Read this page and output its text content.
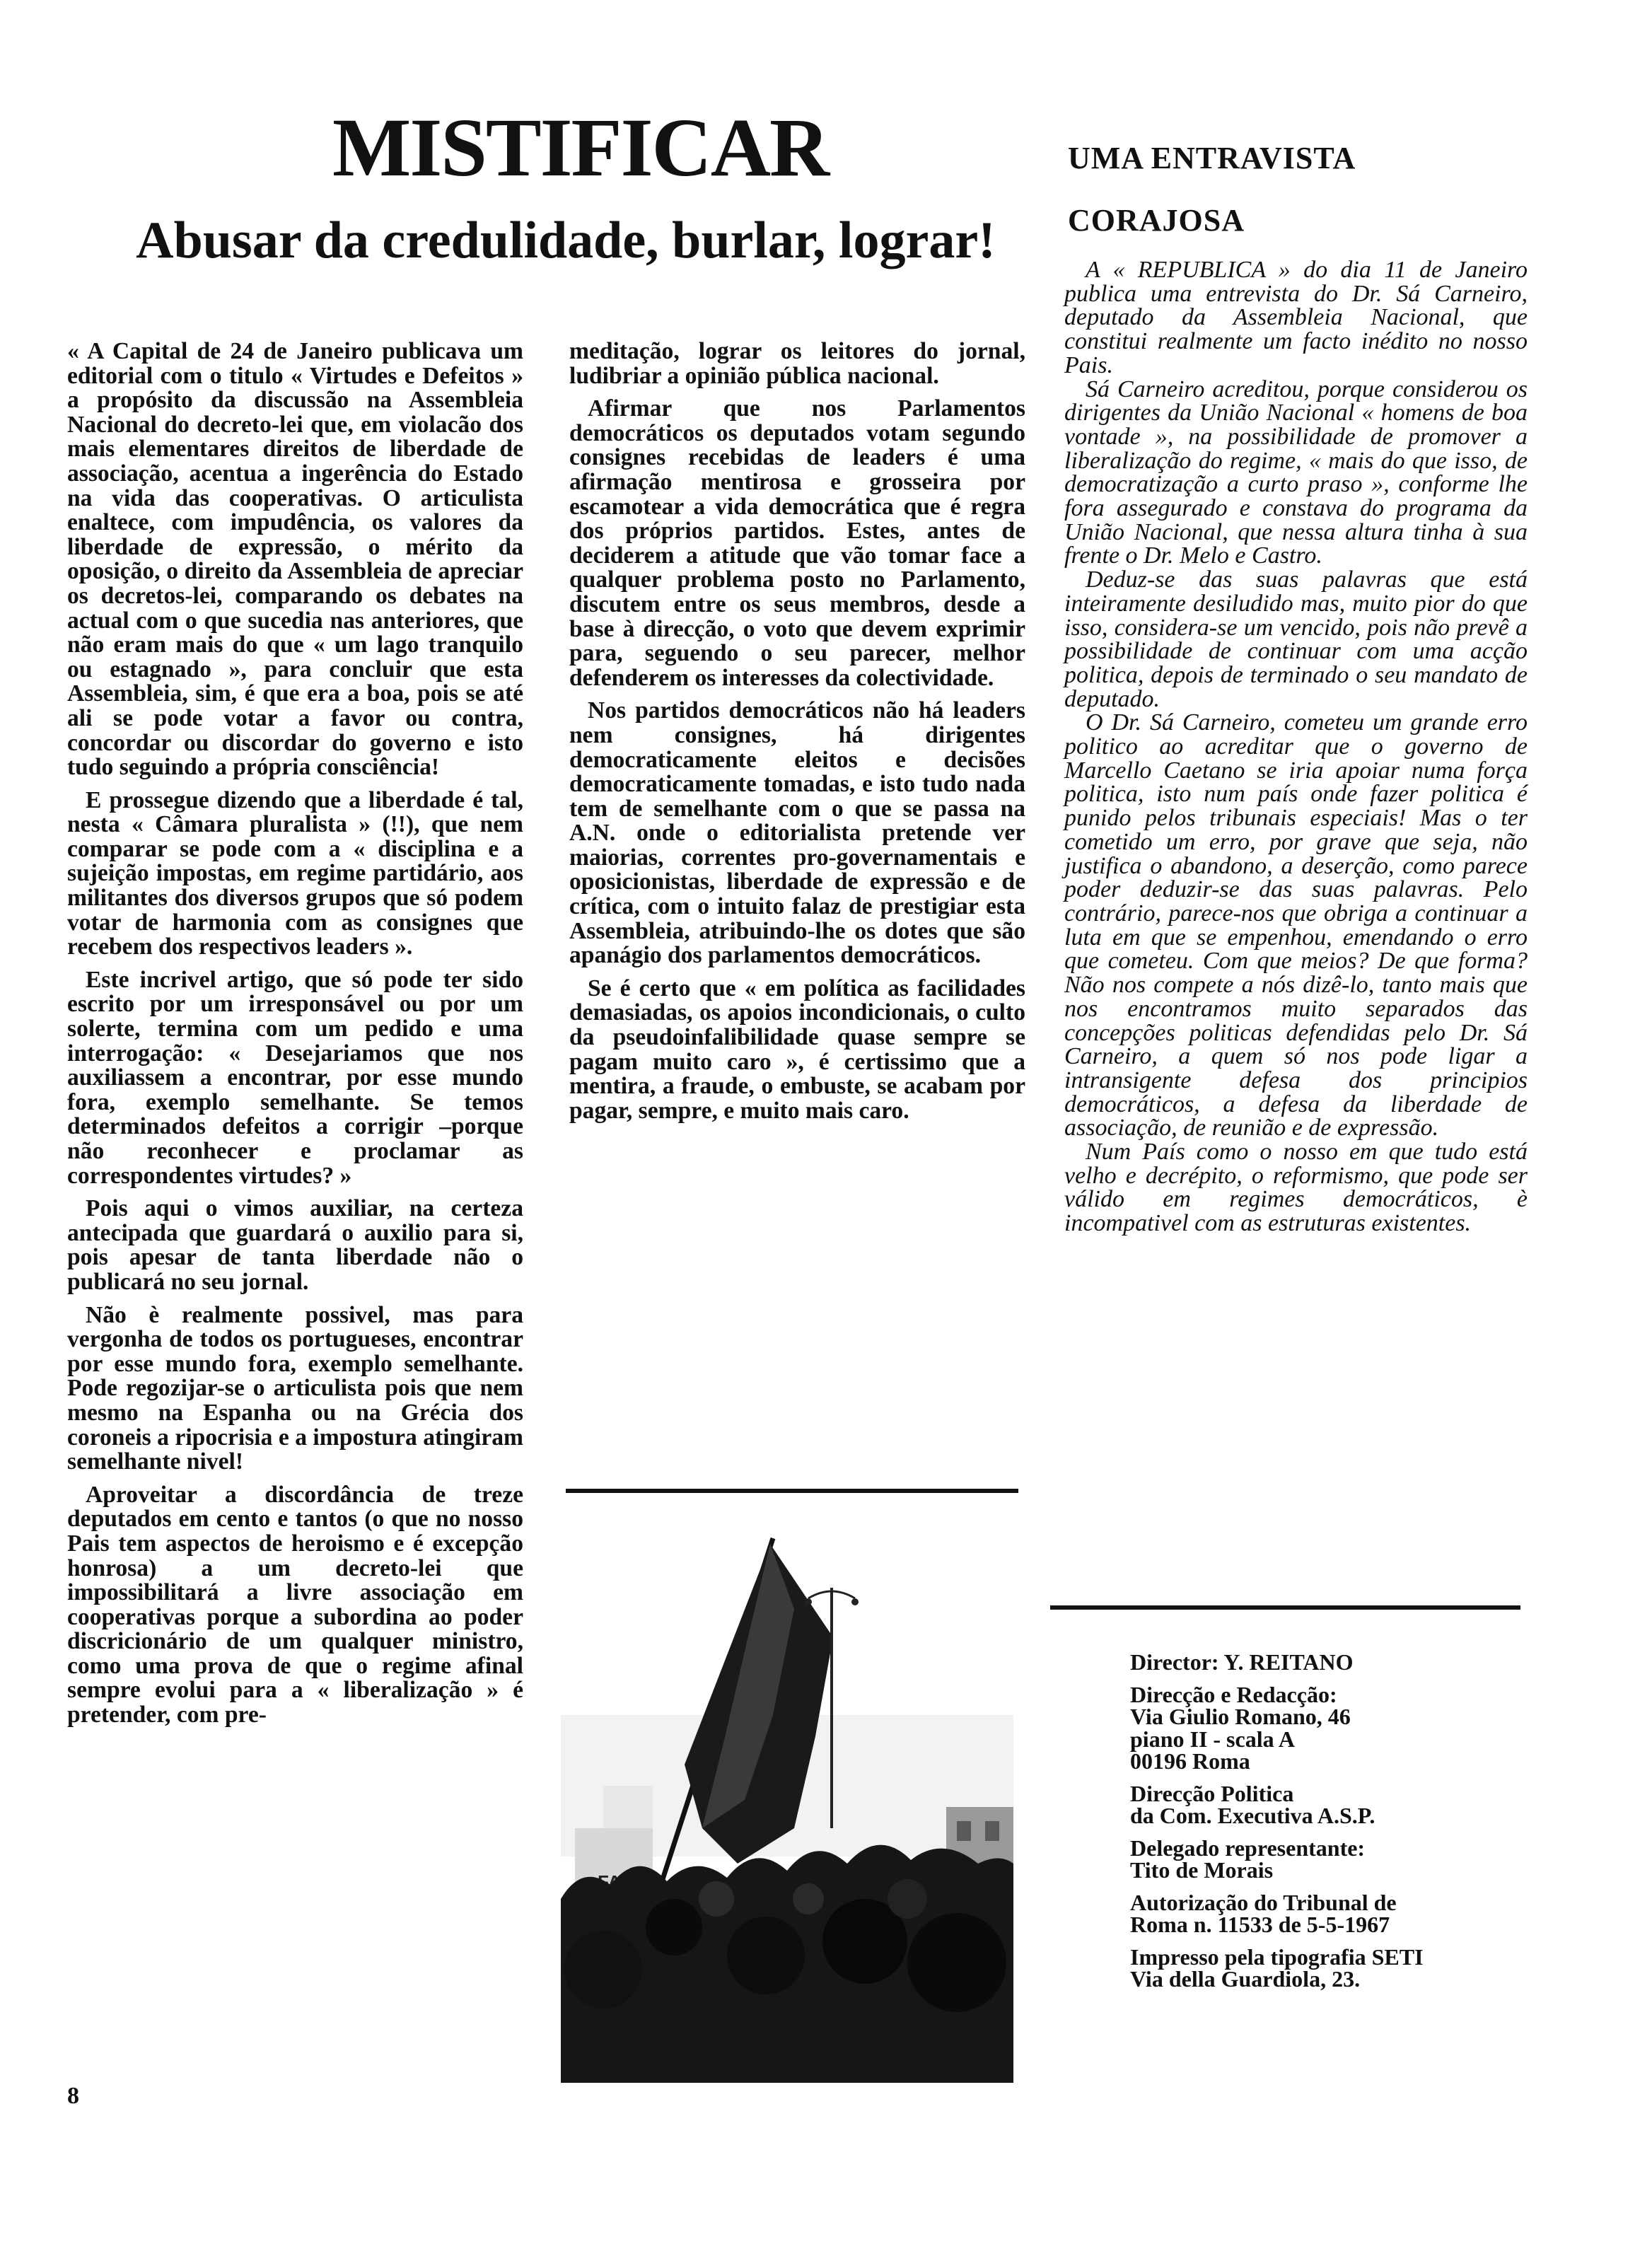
MISTIFICAR
Abusar da credulidade, burlar, lograr!

« A Capital de 24 de Janeiro publicava um editorial com o titulo « Virtudes e Defeitos » a propósito da discussão na Assembleia Nacional do decreto-lei que, em violacão dos mais elementares direitos de liberdade de associação, acentua a ingerência do Estado na vida das cooperativas. O articulista enaltece, com impudência, os valores da liberdade de expressão, o mérito da oposição, o direito da Assembleia de apreciar os decretos-lei, comparando os debates na actual com o que sucedia nas anteriores, que não eram mais do que « um lago tranquilo ou estagnado », para concluir que esta Assembleia, sim, é que era a boa, pois se até ali se pode votar a favor ou contra, concordar ou discordar do governo e isto tudo seguindo a própria consciência!

E prossegue dizendo que a liberdade é tal, nesta « Câmara pluralista » (!!), que nem comparar se pode com a « disciplina e a sujeição impostas, em regime partidário, aos militantes dos diversos grupos que só podem votar de harmonia com as consignes que recebem dos respectivos leaders ».

Este incrivel artigo, que só pode ter sido escrito por um irresponsável ou por um solerte, termina com um pedido e uma interrogação: « Desejariamos que nos auxiliassem a encontrar, por esse mundo fora, exemplo semelhante. Se temos determinados defeitos a corrigir –porque não reconhecer e proclamar as correspondentes virtudes? »

Pois aqui o vimos auxiliar, na certeza antecipada que guardará o auxilio para si, pois apesar de tanta liberdade não o publicará no seu jornal.

Não è realmente possivel, mas para vergonha de todos os portugueses, encontrar por esse mundo fora, exemplo semelhante. Pode regozijar-se o articulista pois que nem mesmo na Espanha ou na Grécia dos coroneis a ripocrisia e a impostura atingiram semelhante nivel!

Aproveitar a discordância de treze deputados em cento e tantos (o que no nosso Pais tem aspectos de heroismo e é excepção honrosa) a um decreto-lei que impossibilitará a livre associação em cooperativas porque a subordina ao poder discricionário de um qualquer ministro, como uma prova de que o regime afinal sempre evolui para a « liberalização » é pretender, com pre-

meditação, lograr os leitores do jornal, ludibriar a opinião pública nacional.

Afirmar que nos Parlamentos democráticos os deputados votam segundo consignes recebidas de leaders é uma afirmação mentirosa e grosseira por escamotear a vida democrática que é regra dos próprios partidos. Estes, antes de deciderem a atitude que vão tomar face a qualquer problema posto no Parlamento, discutem entre os seus membros, desde a base à direcção, o voto que devem exprimir para, seguendo o seu parecer, melhor defenderem os interesses da colectividade.

Nos partidos democráticos não há leaders nem consignes, há dirigentes democraticamente eleitos e decisões democraticamente tomadas, e isto tudo nada tem de semelhante com o que se passa na A.N. onde o editorialista pretende ver maiorias, correntes pro-governamentais e oposicionistas, liberdade de expressão e de crítica, com o intuito falaz de prestigiar esta Assembleia, atribuindo-lhe os dotes que são apanágio dos parlamentos democráticos.

Se é certo que « em política as facilidades demasiadas, os apoios incondicionais, o culto da pseudoinfalibilidade quase sempre se pagam muito caro », é certissimo que a mentira, a fraude, o embuste, se acabam por pagar, sempre, e muito mais caro.

UMA ENTRAVISTA
CORAJOSA

A « REPUBLICA » do dia 11 de Janeiro publica uma entrevista do Dr. Sá Carneiro, deputado da Assembleia Nacional, que constitui realmente um facto inédito no nosso Pais.

Sá Carneiro acreditou, porque considerou os dirigentes da União Nacional « homens de boa vontade », na possibilidade de promover a liberalização do regime, « mais do que isso, de democratização a curto praso », conforme lhe fora assegurado e constava do programa da União Nacional, que nessa altura tinha à sua frente o Dr. Melo e Castro.

Deduz-se das suas palavras que está inteiramente desiludido mas, muito pior do que isso, considera-se um vencido, pois não prevê a possibilidade de continuar com uma acção politica, depois de terminado o seu mandato de deputado.

O Dr. Sá Carneiro, cometeu um grande erro politico ao acreditar que o governo de Marcello Caetano se iria apoiar numa força politica, isto num país onde fazer politica é punido pelos tribunais especiais! Mas o ter cometido um erro, por grave que seja, não justifica o abandono, a deserção, como parece poder deduzir-se das suas palavras. Pelo contrário, parece-nos que obriga a continuar a luta em que se empenhou, emendando o erro que cometeu. Com que meios? De que forma? Não nos compete a nós dizê-lo, tanto mais que nos encontramos muito separados das concepções politicas defendidas pelo Dr. Sá Carneiro, a quem só nos pode ligar a intransigente defesa dos principios democráticos, a defesa da liberdade de associação, de reunião e de expressão.

Num País como o nosso em que tudo está velho e decrépito, o reformismo, que pode ser válido em regimes democráticos, è incompativel com as estruturas existentes.

Director: Y. REITANO

Direcção e Redacção:
Via Giulio Romano, 46
piano II - scala A
00196 Roma

Direcção Politica
da Com. Executiva A.S.P.

Delegado representante:
Tito de Morais

Autorização do Tribunal de
Roma n. 11533 de 5-5-1967

Impresso pela tipografia SETI
Via della Guardiola, 23.

8
